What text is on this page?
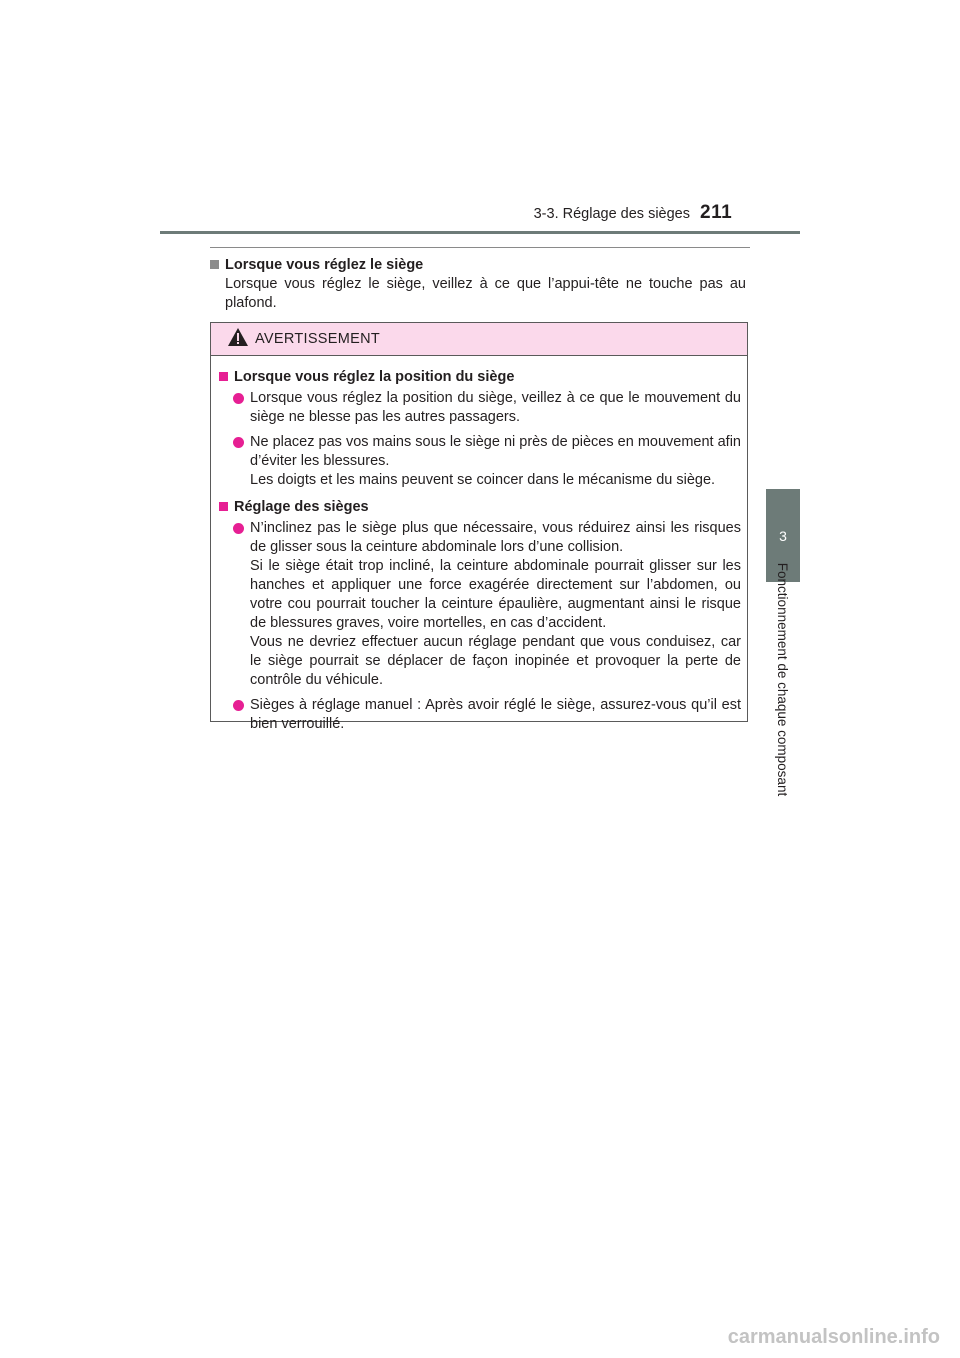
3-3. Réglage des sièges 211
3
Fonctionnement de chaque composant
Lorsque vous réglez le siège
Lorsque vous réglez le siège, veillez à ce que l’appui-tête ne touche pas au plafond.
AVERTISSEMENT
Lorsque vous réglez la position du siège

Lorsque vous réglez la position du siège, veillez à ce que le mouvement du siège ne blesse pas les autres passagers.

Ne placez pas vos mains sous le siège ni près de pièces en mouvement afin d’éviter les blessures.

Les doigts et les mains peuvent se coincer dans le mécanisme du siège.

Réglage des sièges

N’inclinez pas le siège plus que nécessaire, vous réduirez ainsi les risques de glisser sous la ceinture abdominale lors d’une collision.

Si le siège était trop incliné, la ceinture abdominale pourrait glisser sur les hanches et appliquer une force exagérée directement sur l’abdomen, ou votre cou pourrait toucher la ceinture épaulière, augmentant ainsi le risque de blessures graves, voire mortelles, en cas d’accident.

Vous ne devriez effectuer aucun réglage pendant que vous conduisez, car le siège pourrait se déplacer de façon inopinée et provoquer la perte de contrôle du véhicule.

Sièges à réglage manuel : Après avoir réglé le siège, assurez-vous qu’il est bien verrouillé.

carmanualsonline.info
